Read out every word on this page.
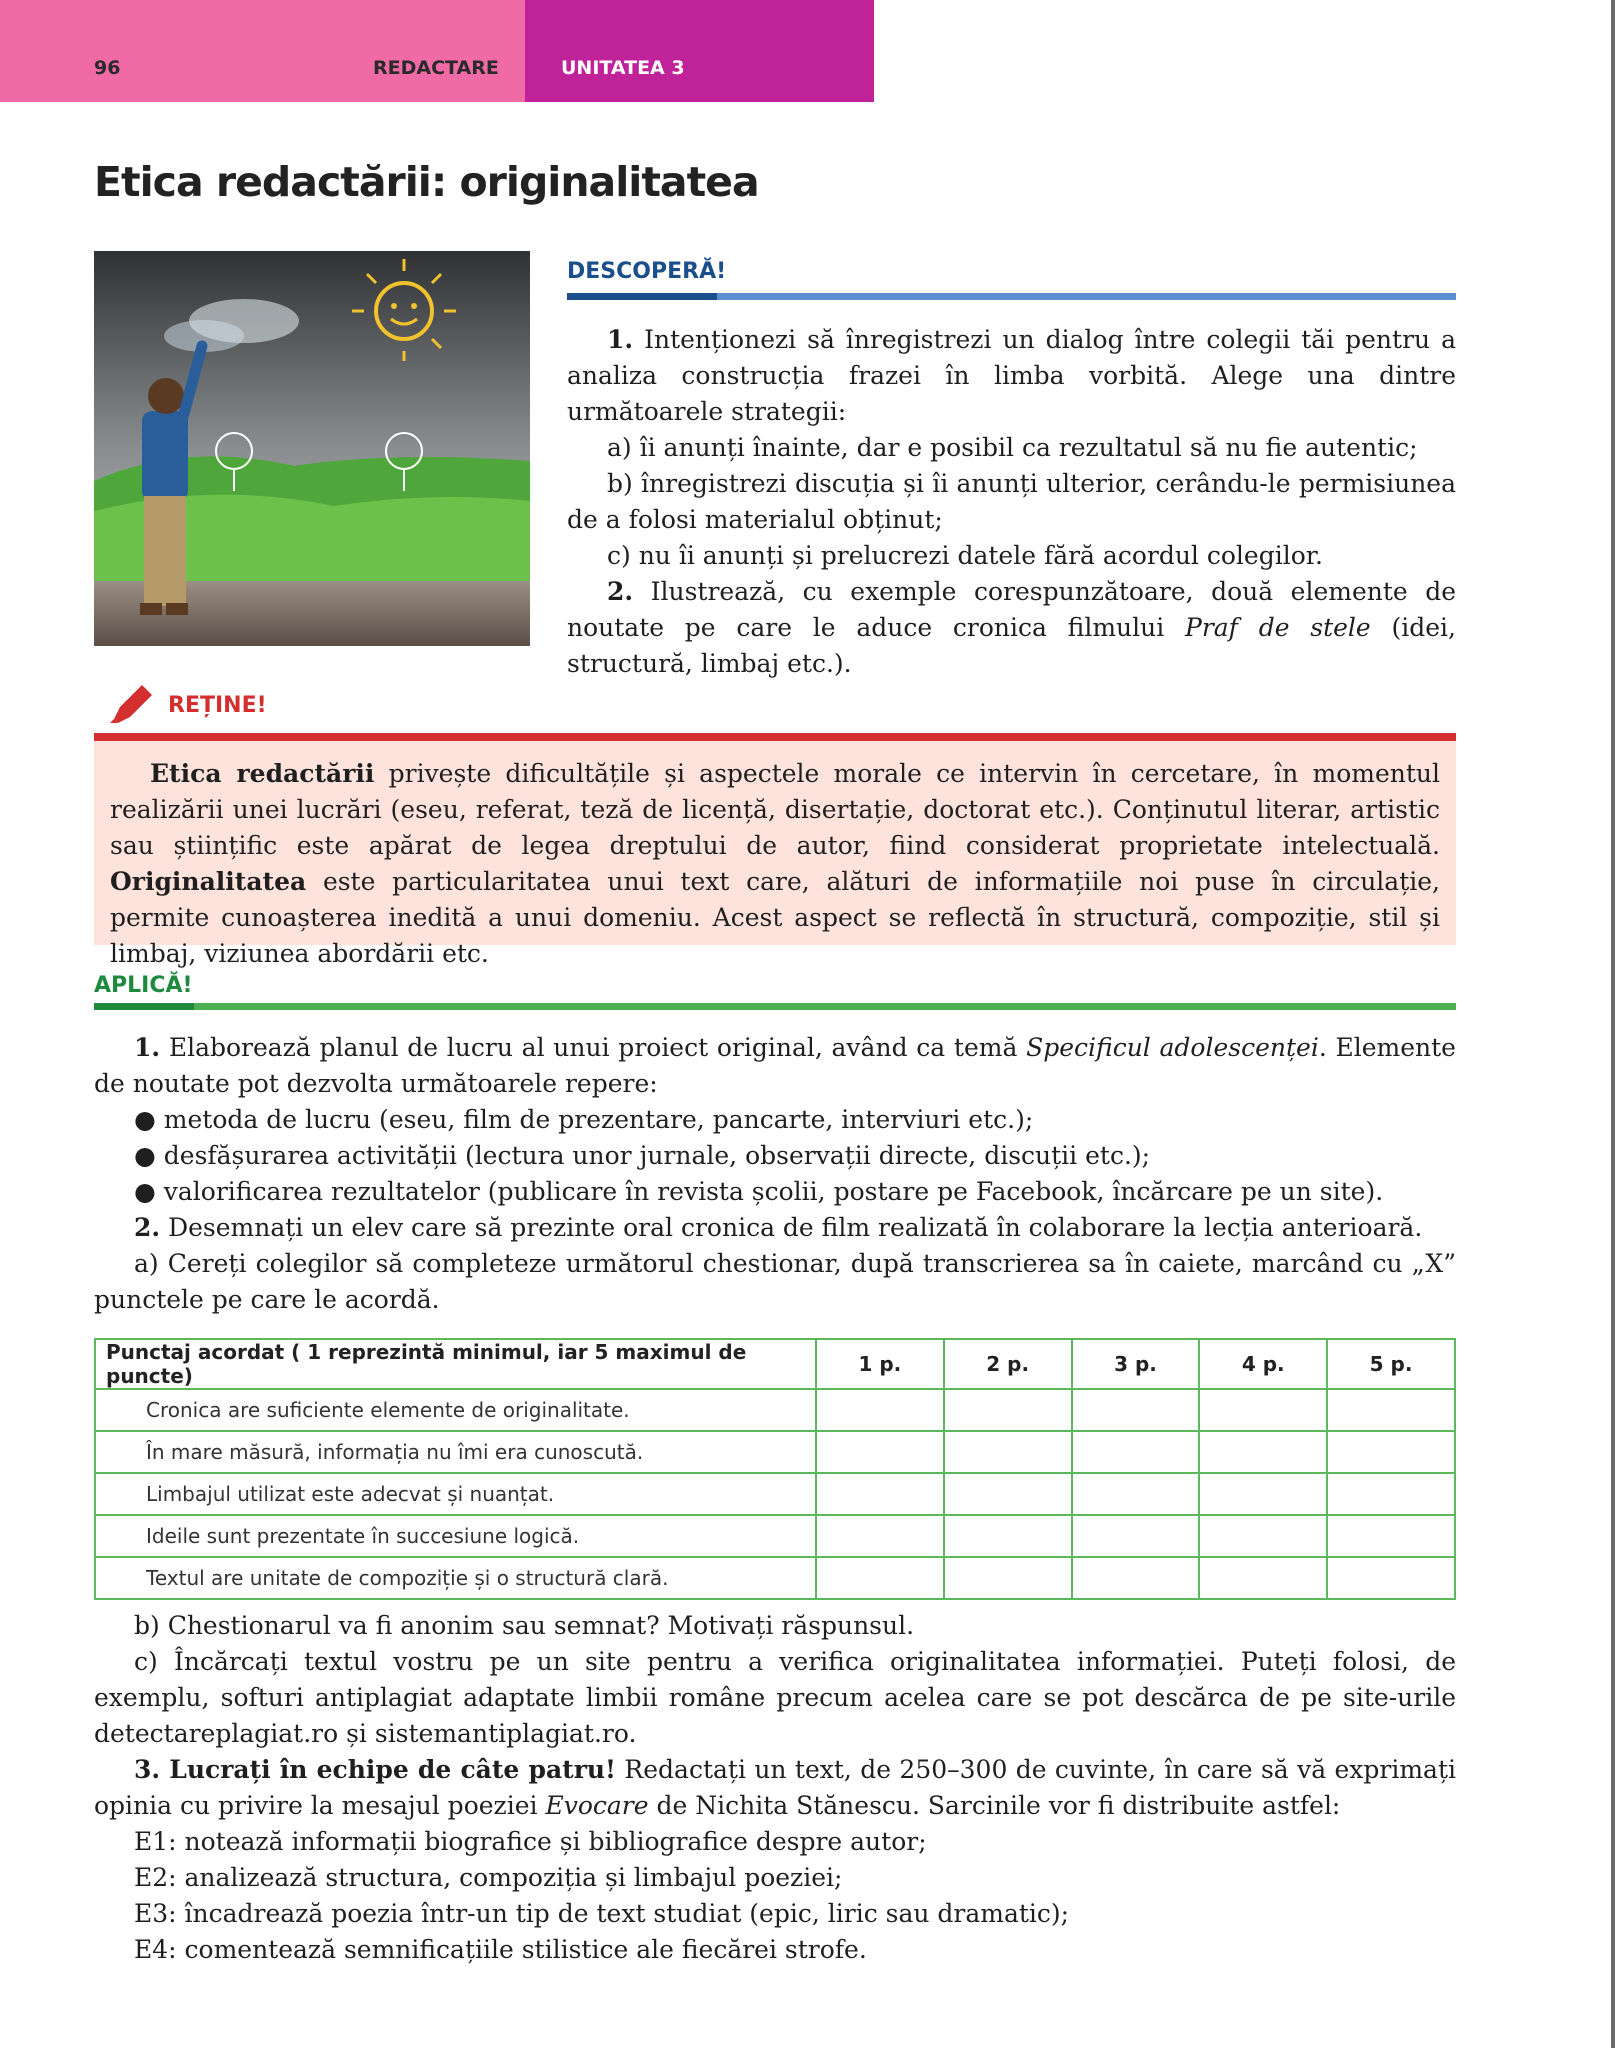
96	REDACTARE	UNITATEA 3
Etica redactării: originalitatea
DESCOPERĂ!

1. Intenționezi să înregistrezi un dialog între colegii tăi pentru a analiza construcția frazei în limba vorbită. Alege una dintre următoarele strategii:

a) îi anunți înainte, dar e posibil ca rezultatul să nu fie autentic;

b) înregistrezi discuția și îi anunți ulterior, cerându-le permisiunea de a folosi materialul obținut;

c) nu îi anunți și prelucrezi datele fără acordul colegilor.

2. Ilustrează, cu exemple corespunzătoare, două elemente de noutate pe care le aduce cronica filmului Praf de stele (idei, structură, limbaj etc.).

REȚINE!

Etica redactării privește dificultățile și aspectele morale ce intervin în cercetare, în momentul realizării unei lucrări (eseu, referat, teză de licență, disertație, doctorat etc.). Conținutul literar, artistic sau științific este apărat de legea dreptului de autor, fiind considerat proprietate intelectuală. Originalitatea este particularitatea unui text care, alături de informațiile noi puse în circulație, permite cunoașterea inedită a unui domeniu. Acest aspect se reflectă în structură, compoziție, stil și limbaj, viziunea abordării etc.

APLICĂ!

1. Elaborează planul de lucru al unui proiect original, având ca temă Specificul adolescenței. Elemente de noutate pot dezvolta următoarele repere:

● metoda de lucru (eseu, film de prezentare, pancarte, interviuri etc.);

● desfășurarea activității (lectura unor jurnale, observații directe, discuții etc.);

● valorificarea rezultatelor (publicare în revista școlii, postare pe Facebook, încărcare pe un site).

2. Desemnați un elev care să prezinte oral cronica de film realizată în colaborare la lecția anterioară.

a) Cereți colegilor să completeze următorul chestionar, după transcrierea sa în caiete, marcând cu „X” punctele pe care le acordă.

Punctaj acordat ( 1 reprezintă minimul, iar 5 maximul de puncte)	1 p.	2 p.	3 p.	4 p.	5 p.
Cronica are suficiente elemente de originalitate.					
În mare măsură, informația nu îmi era cunoscută.					
Limbajul utilizat este adecvat și nuanțat.					
Ideile sunt prezentate în succesiune logică.					
Textul are unitate de compoziție și o structură clară.					

b) Chestionarul va fi anonim sau semnat? Motivați răspunsul.

c) Încărcați textul vostru pe un site pentru a verifica originalitatea informației. Puteți folosi, de exemplu, softuri antiplagiat adaptate limbii române precum acelea care se pot descărca de pe site-urile detectareplagiat.ro și sistemantiplagiat.ro.

3. Lucrați în echipe de câte patru! Redactați un text, de 250–300 de cuvinte, în care să vă exprimați opinia cu privire la mesajul poeziei Evocare de Nichita Stănescu. Sarcinile vor fi distribuite astfel:

E1: notează informații biografice și bibliografice despre autor;

E2: analizează structura, compoziția și limbajul poeziei;

E3: încadrează poezia într-un tip de text studiat (epic, liric sau dramatic);

E4: comentează semnificațiile stilistice ale fiecărei strofe.
